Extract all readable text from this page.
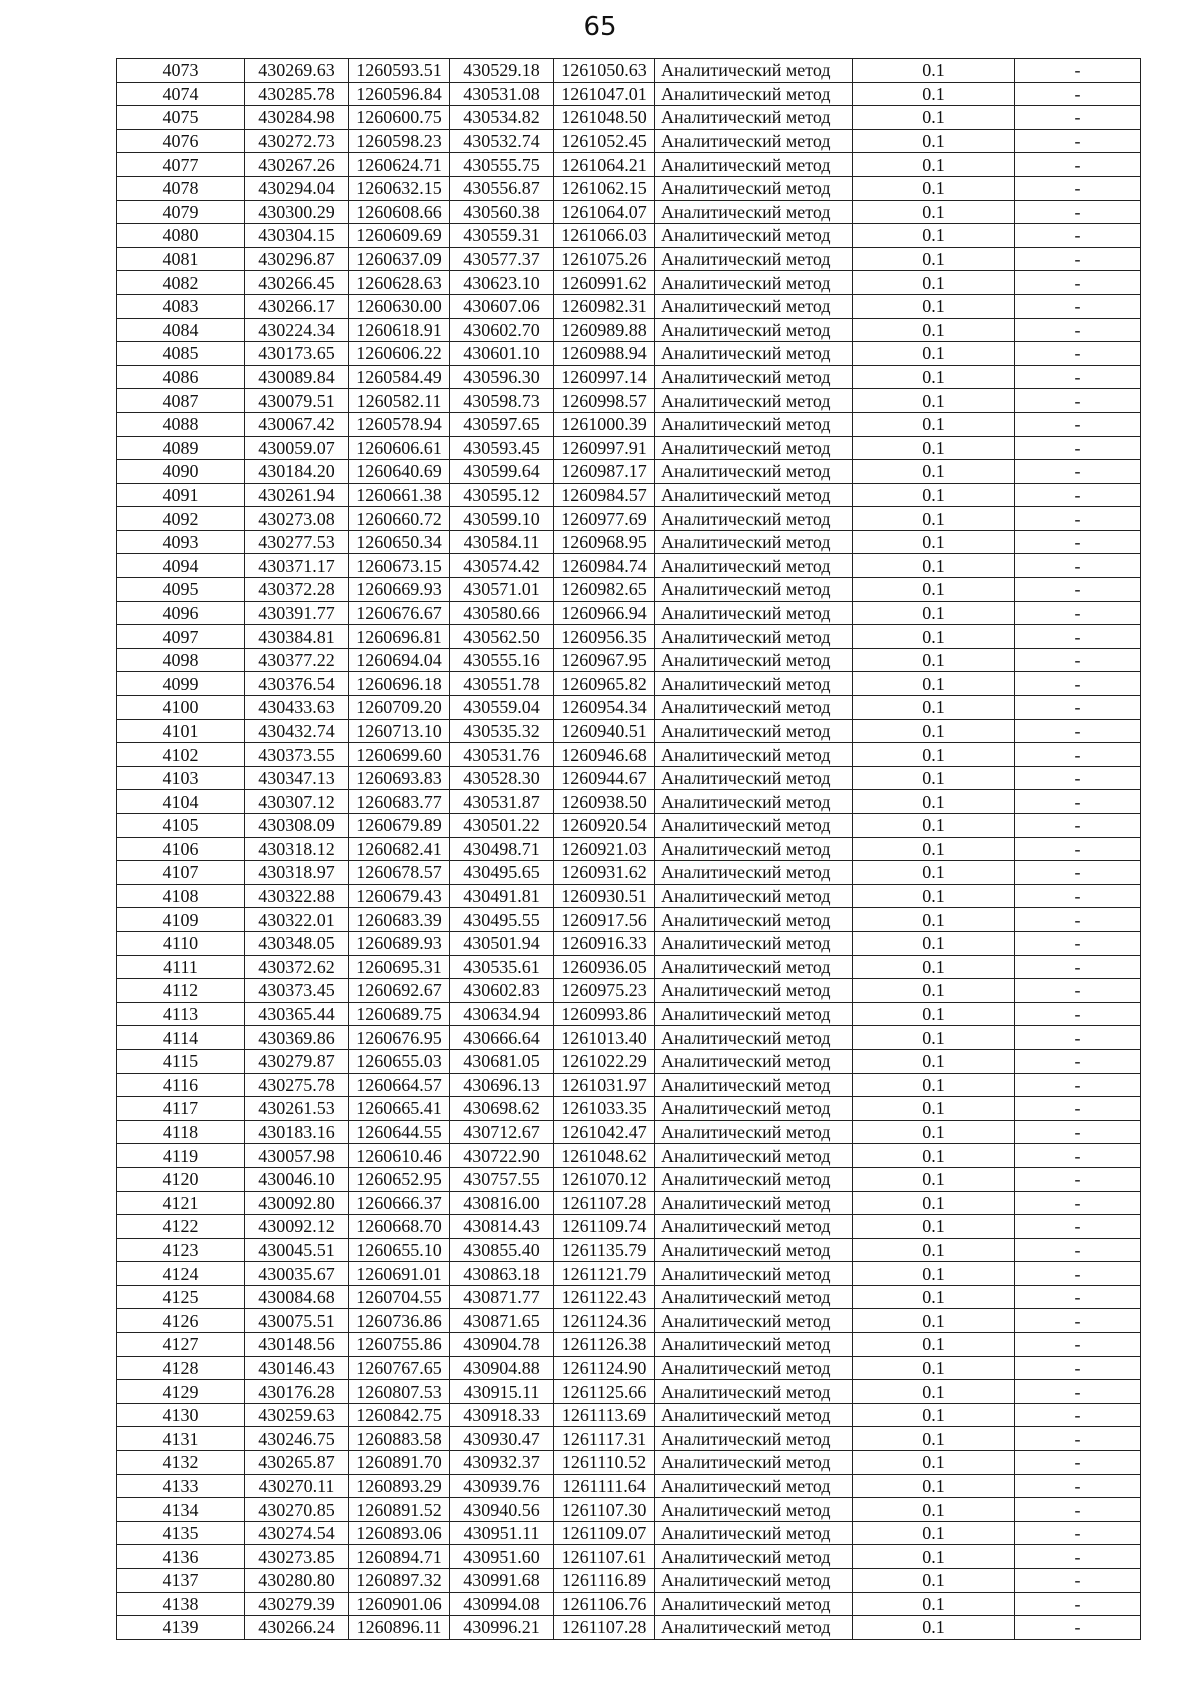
65
4073	430269.63	1260593.51	430529.18	1261050.63	Аналитический метод	0.1	-
4074	430285.78	1260596.84	430531.08	1261047.01	Аналитический метод	0.1	-
4075	430284.98	1260600.75	430534.82	1261048.50	Аналитический метод	0.1	-
4076	430272.73	1260598.23	430532.74	1261052.45	Аналитический метод	0.1	-
4077	430267.26	1260624.71	430555.75	1261064.21	Аналитический метод	0.1	-
4078	430294.04	1260632.15	430556.87	1261062.15	Аналитический метод	0.1	-
4079	430300.29	1260608.66	430560.38	1261064.07	Аналитический метод	0.1	-
4080	430304.15	1260609.69	430559.31	1261066.03	Аналитический метод	0.1	-
4081	430296.87	1260637.09	430577.37	1261075.26	Аналитический метод	0.1	-
4082	430266.45	1260628.63	430623.10	1260991.62	Аналитический метод	0.1	-
4083	430266.17	1260630.00	430607.06	1260982.31	Аналитический метод	0.1	-
4084	430224.34	1260618.91	430602.70	1260989.88	Аналитический метод	0.1	-
4085	430173.65	1260606.22	430601.10	1260988.94	Аналитический метод	0.1	-
4086	430089.84	1260584.49	430596.30	1260997.14	Аналитический метод	0.1	-
4087	430079.51	1260582.11	430598.73	1260998.57	Аналитический метод	0.1	-
4088	430067.42	1260578.94	430597.65	1261000.39	Аналитический метод	0.1	-
4089	430059.07	1260606.61	430593.45	1260997.91	Аналитический метод	0.1	-
4090	430184.20	1260640.69	430599.64	1260987.17	Аналитический метод	0.1	-
4091	430261.94	1260661.38	430595.12	1260984.57	Аналитический метод	0.1	-
4092	430273.08	1260660.72	430599.10	1260977.69	Аналитический метод	0.1	-
4093	430277.53	1260650.34	430584.11	1260968.95	Аналитический метод	0.1	-
4094	430371.17	1260673.15	430574.42	1260984.74	Аналитический метод	0.1	-
4095	430372.28	1260669.93	430571.01	1260982.65	Аналитический метод	0.1	-
4096	430391.77	1260676.67	430580.66	1260966.94	Аналитический метод	0.1	-
4097	430384.81	1260696.81	430562.50	1260956.35	Аналитический метод	0.1	-
4098	430377.22	1260694.04	430555.16	1260967.95	Аналитический метод	0.1	-
4099	430376.54	1260696.18	430551.78	1260965.82	Аналитический метод	0.1	-
4100	430433.63	1260709.20	430559.04	1260954.34	Аналитический метод	0.1	-
4101	430432.74	1260713.10	430535.32	1260940.51	Аналитический метод	0.1	-
4102	430373.55	1260699.60	430531.76	1260946.68	Аналитический метод	0.1	-
4103	430347.13	1260693.83	430528.30	1260944.67	Аналитический метод	0.1	-
4104	430307.12	1260683.77	430531.87	1260938.50	Аналитический метод	0.1	-
4105	430308.09	1260679.89	430501.22	1260920.54	Аналитический метод	0.1	-
4106	430318.12	1260682.41	430498.71	1260921.03	Аналитический метод	0.1	-
4107	430318.97	1260678.57	430495.65	1260931.62	Аналитический метод	0.1	-
4108	430322.88	1260679.43	430491.81	1260930.51	Аналитический метод	0.1	-
4109	430322.01	1260683.39	430495.55	1260917.56	Аналитический метод	0.1	-
4110	430348.05	1260689.93	430501.94	1260916.33	Аналитический метод	0.1	-
4111	430372.62	1260695.31	430535.61	1260936.05	Аналитический метод	0.1	-
4112	430373.45	1260692.67	430602.83	1260975.23	Аналитический метод	0.1	-
4113	430365.44	1260689.75	430634.94	1260993.86	Аналитический метод	0.1	-
4114	430369.86	1260676.95	430666.64	1261013.40	Аналитический метод	0.1	-
4115	430279.87	1260655.03	430681.05	1261022.29	Аналитический метод	0.1	-
4116	430275.78	1260664.57	430696.13	1261031.97	Аналитический метод	0.1	-
4117	430261.53	1260665.41	430698.62	1261033.35	Аналитический метод	0.1	-
4118	430183.16	1260644.55	430712.67	1261042.47	Аналитический метод	0.1	-
4119	430057.98	1260610.46	430722.90	1261048.62	Аналитический метод	0.1	-
4120	430046.10	1260652.95	430757.55	1261070.12	Аналитический метод	0.1	-
4121	430092.80	1260666.37	430816.00	1261107.28	Аналитический метод	0.1	-
4122	430092.12	1260668.70	430814.43	1261109.74	Аналитический метод	0.1	-
4123	430045.51	1260655.10	430855.40	1261135.79	Аналитический метод	0.1	-
4124	430035.67	1260691.01	430863.18	1261121.79	Аналитический метод	0.1	-
4125	430084.68	1260704.55	430871.77	1261122.43	Аналитический метод	0.1	-
4126	430075.51	1260736.86	430871.65	1261124.36	Аналитический метод	0.1	-
4127	430148.56	1260755.86	430904.78	1261126.38	Аналитический метод	0.1	-
4128	430146.43	1260767.65	430904.88	1261124.90	Аналитический метод	0.1	-
4129	430176.28	1260807.53	430915.11	1261125.66	Аналитический метод	0.1	-
4130	430259.63	1260842.75	430918.33	1261113.69	Аналитический метод	0.1	-
4131	430246.75	1260883.58	430930.47	1261117.31	Аналитический метод	0.1	-
4132	430265.87	1260891.70	430932.37	1261110.52	Аналитический метод	0.1	-
4133	430270.11	1260893.29	430939.76	1261111.64	Аналитический метод	0.1	-
4134	430270.85	1260891.52	430940.56	1261107.30	Аналитический метод	0.1	-
4135	430274.54	1260893.06	430951.11	1261109.07	Аналитический метод	0.1	-
4136	430273.85	1260894.71	430951.60	1261107.61	Аналитический метод	0.1	-
4137	430280.80	1260897.32	430991.68	1261116.89	Аналитический метод	0.1	-
4138	430279.39	1260901.06	430994.08	1261106.76	Аналитический метод	0.1	-
4139	430266.24	1260896.11	430996.21	1261107.28	Аналитический метод	0.1	-
